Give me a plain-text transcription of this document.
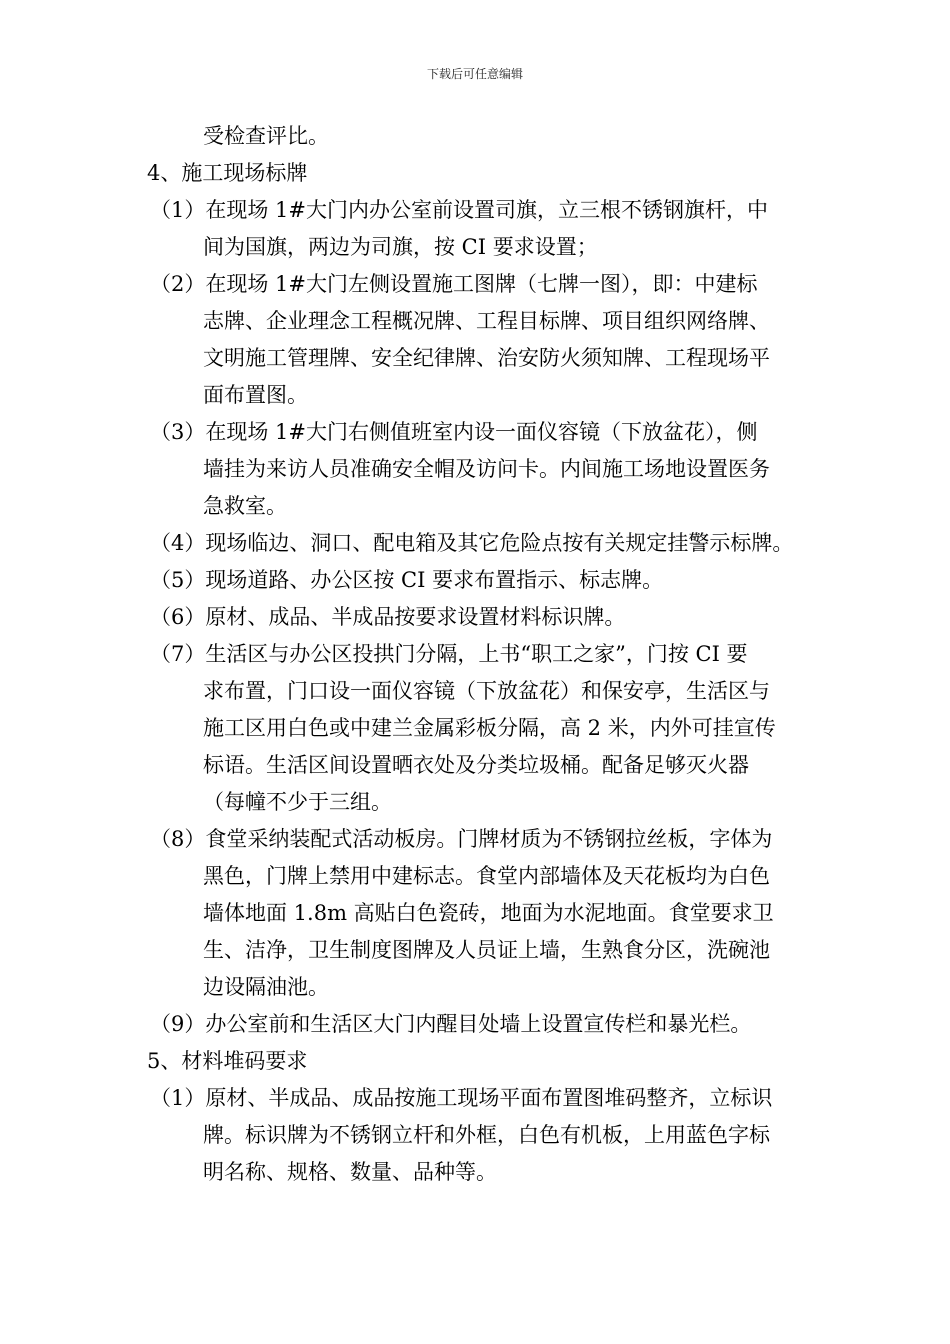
下载后可任意编辑
受检查评比。
4、施工现场标牌
（1）在现场 1#大门内办公室前设置司旗，立三根不锈钢旗杆，中
间为国旗，两边为司旗，按 CI 要求设置；
（2）在现场 1#大门左侧设置施工图牌（七牌一图），即：中建标
志牌、企业理念工程概况牌、工程目标牌、项目组织网络牌、
文明施工管理牌、安全纪律牌、治安防火须知牌、工程现场平
面布置图。
（3）在现场 1#大门右侧值班室内设一面仪容镜（下放盆花），侧
墙挂为来访人员准确安全帽及访问卡。内间施工场地设置医务
急救室。
（4）现场临边、洞口、配电箱及其它危险点按有关规定挂警示标牌。
（5）现场道路、办公区按 CI 要求布置指示、标志牌。
（6）原材、成品、半成品按要求设置材料标识牌。
（7）生活区与办公区投拱门分隔，上书“职工之家”，门按 CI 要
求布置，门口设一面仪容镜（下放盆花）和保安亭，生活区与
施工区用白色或中建兰金属彩板分隔，高 2 米，内外可挂宣传
标语。生活区间设置晒衣处及分类垃圾桶。配备足够灭火器
（每幢不少于三组。
（8）食堂采纳装配式活动板房。门牌材质为不锈钢拉丝板，字体为
黑色，门牌上禁用中建标志。食堂内部墙体及天花板均为白色
墙体地面 1.8m 高贴白色瓷砖，地面为水泥地面。食堂要求卫
生、洁净，卫生制度图牌及人员证上墙，生熟食分区，洗碗池
边设隔油池。
（9）办公室前和生活区大门内醒目处墙上设置宣传栏和暴光栏。
5、材料堆码要求
（1）原材、半成品、成品按施工现场平面布置图堆码整齐，立标识
牌。标识牌为不锈钢立杆和外框，白色有机板，上用蓝色字标
明名称、规格、数量、品种等。
